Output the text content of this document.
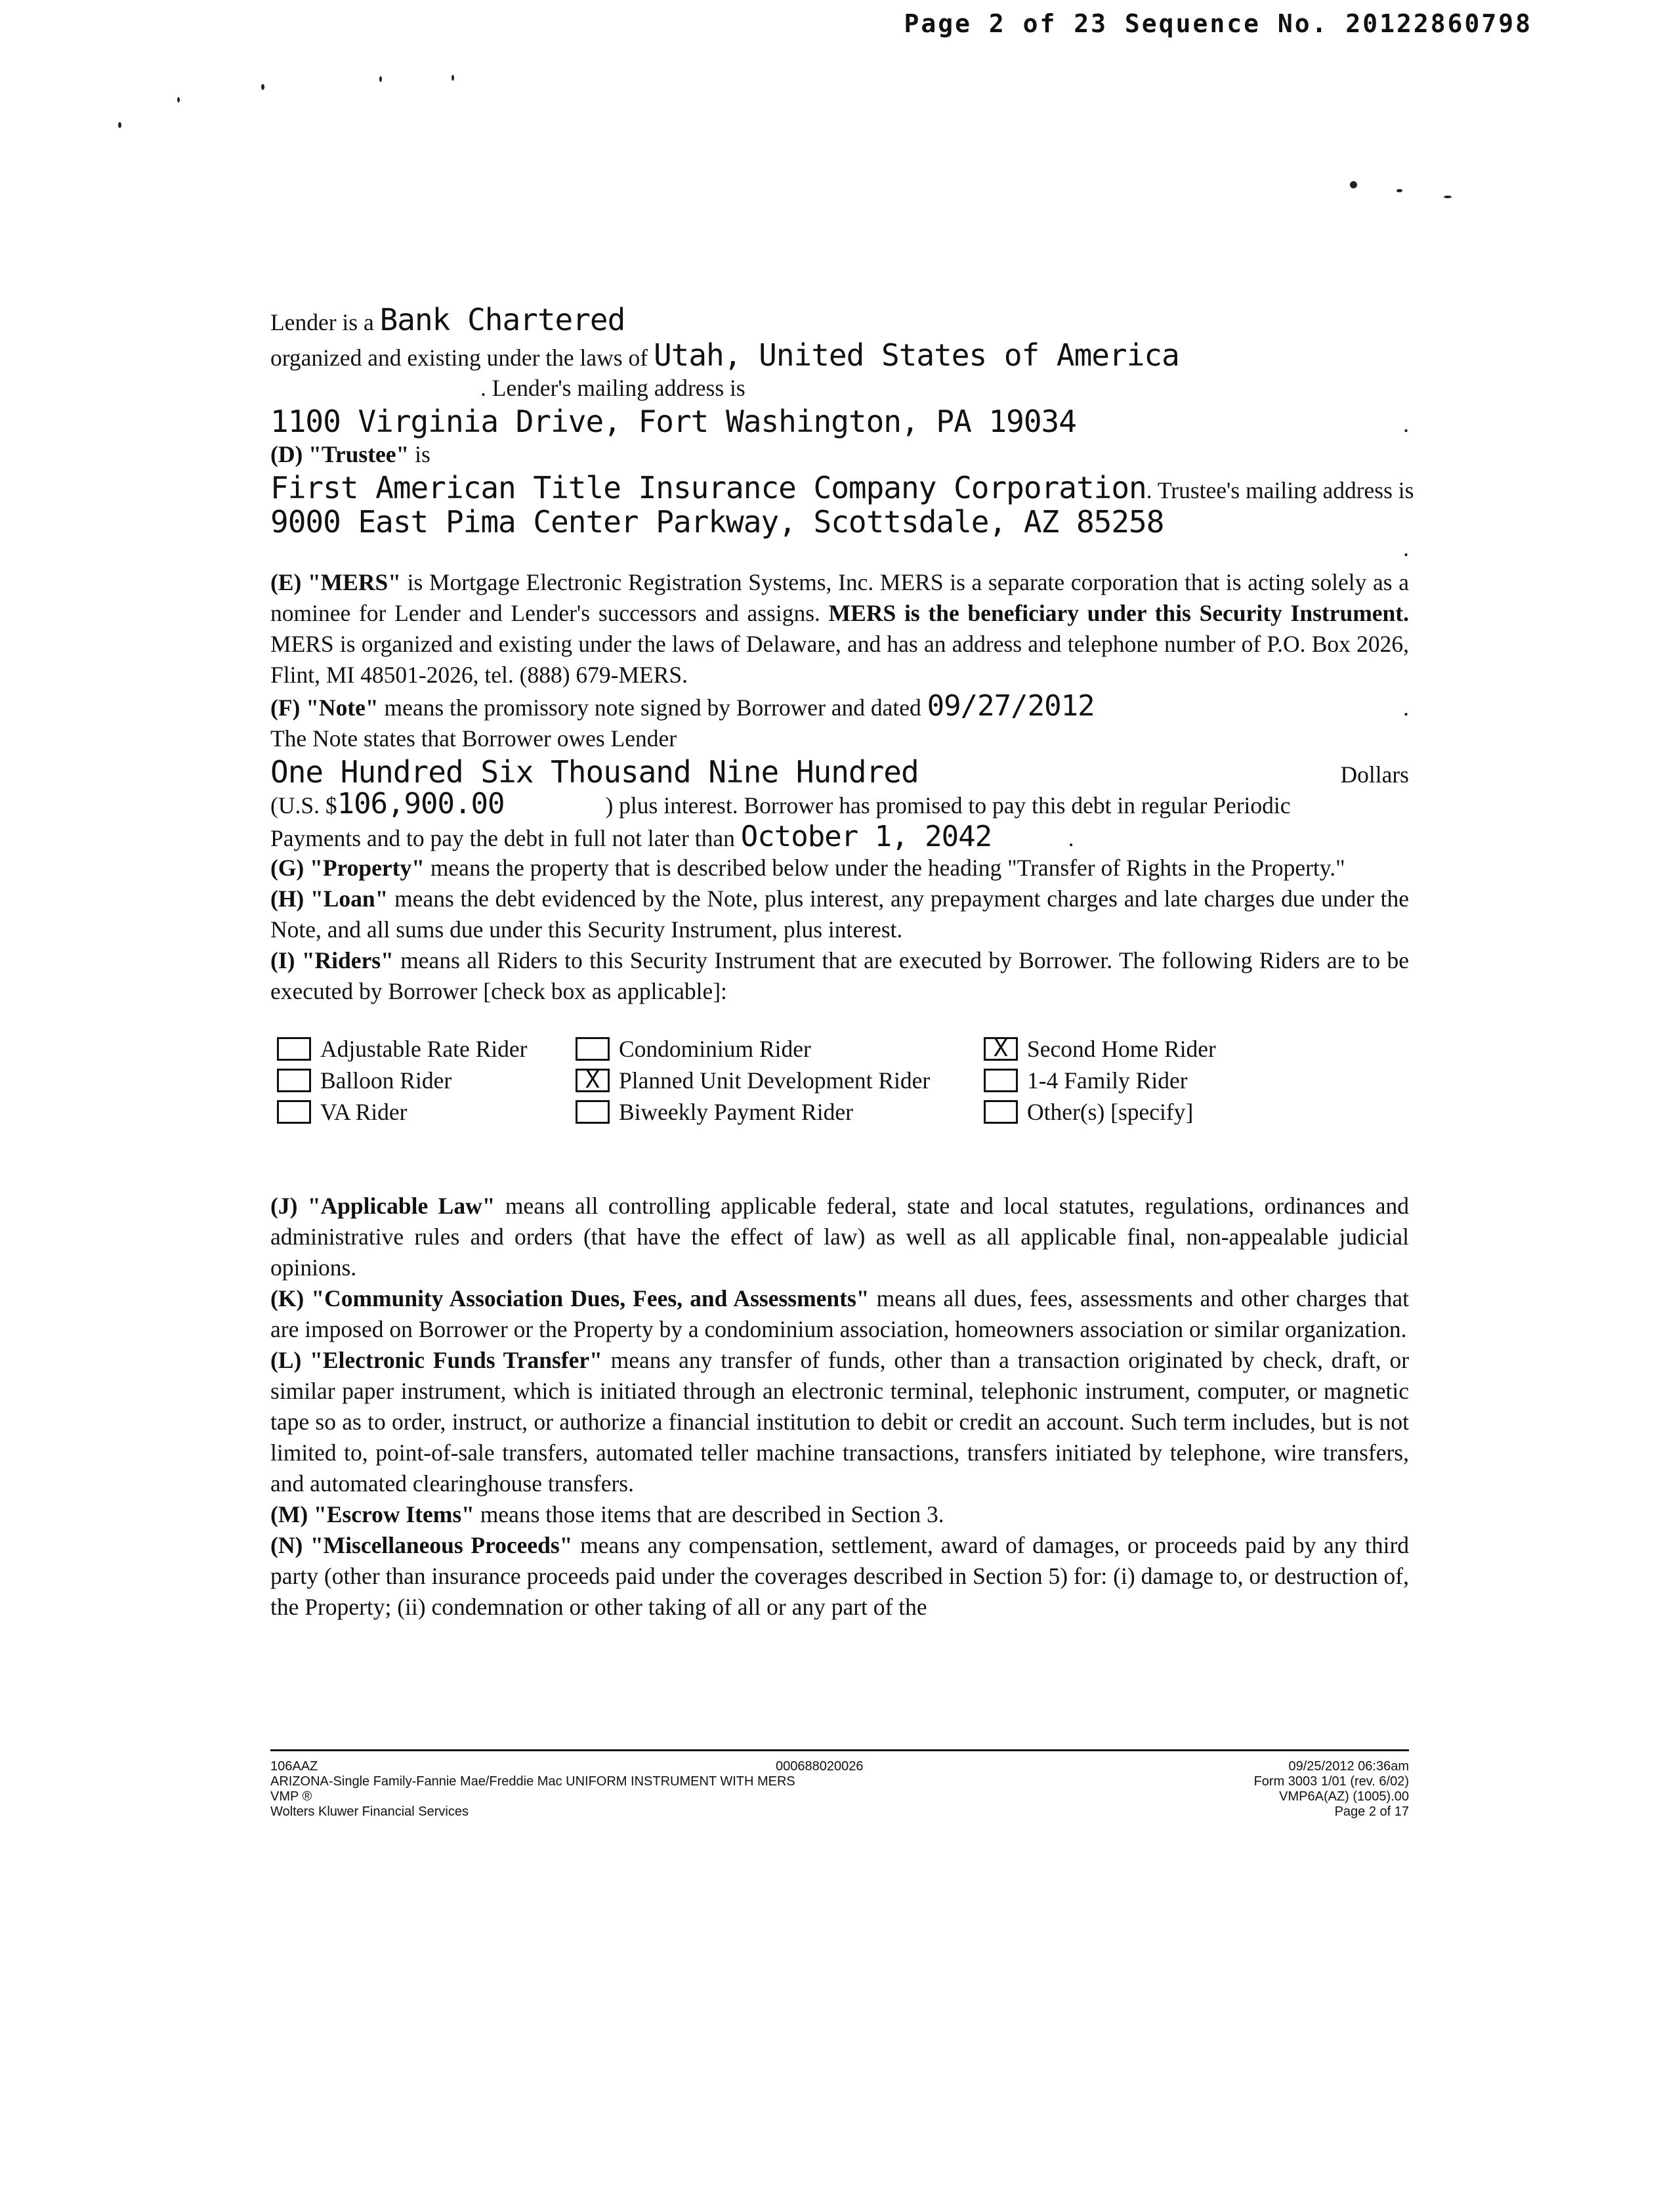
Page 2 of 23 Sequence No. 20122860798
Lender is a Bank Chartered
organized and existing under the laws of Utah, United States of America
. Lender's mailing address is
1100 Virginia Drive, Fort Washington, PA 19034	.
(D) "Trustee" is
First American Title Insurance Company Corporation . Trustee's mailing address is
9000 East Pima Center Parkway, Scottsdale, AZ 85258
.
(E) "MERS" is Mortgage Electronic Registration Systems, Inc. MERS is a separate corporation that is acting solely as a nominee for Lender and Lender's successors and assigns. MERS is the beneficiary under this Security Instrument. MERS is organized and existing under the laws of Delaware, and has an address and telephone number of P.O. Box 2026, Flint, MI 48501-2026, tel. (888) 679-MERS.
(F) "Note" means the promissory note signed by Borrower and dated 09/27/2012	.
The Note states that Borrower owes Lender
One Hundred Six Thousand Nine Hundred	Dollars
(U.S. $106,900.00	) plus interest. Borrower has promised to pay this debt in regular Periodic
Payments and to pay the debt in full not later than October 1, 2042	.
(G) "Property" means the property that is described below under the heading "Transfer of Rights in the Property."
(H) "Loan" means the debt evidenced by the Note, plus interest, any prepayment charges and late charges due under the Note, and all sums due under this Security Instrument, plus interest.
(I) "Riders" means all Riders to this Security Instrument that are executed by Borrower. The following Riders are to be executed by Borrower [check box as applicable]:
Adjustable Rate Rider	Condominium Rider	X Second Home Rider
Balloon Rider	X Planned Unit Development Rider	1-4 Family Rider
VA Rider	Biweekly Payment Rider	Other(s) [specify]
(J) "Applicable Law" means all controlling applicable federal, state and local statutes, regulations, ordinances and administrative rules and orders (that have the effect of law) as well as all applicable final, non-appealable judicial opinions.
(K) "Community Association Dues, Fees, and Assessments" means all dues, fees, assessments and other charges that are imposed on Borrower or the Property by a condominium association, homeowners association or similar organization.
(L) "Electronic Funds Transfer" means any transfer of funds, other than a transaction originated by check, draft, or similar paper instrument, which is initiated through an electronic terminal, telephonic instrument, computer, or magnetic tape so as to order, instruct, or authorize a financial institution to debit or credit an account. Such term includes, but is not limited to, point-of-sale transfers, automated teller machine transactions, transfers initiated by telephone, wire transfers, and automated clearinghouse transfers.
(M) "Escrow Items" means those items that are described in Section 3.
(N) "Miscellaneous Proceeds" means any compensation, settlement, award of damages, or proceeds paid by any third party (other than insurance proceeds paid under the coverages described in Section 5) for: (i) damage to, or destruction of, the Property; (ii) condemnation or other taking of all or any part of the
106AAZ
ARIZONA-Single Family-Fannie Mae/Freddie Mac UNIFORM INSTRUMENT WITH MERS
VMP ®
Wolters Kluwer Financial Services
09/25/2012 06:36am
Form 3003 1/01 (rev. 6/02)
VMP6A(AZ) (1005).00
Page 2 of 17
000688020026
